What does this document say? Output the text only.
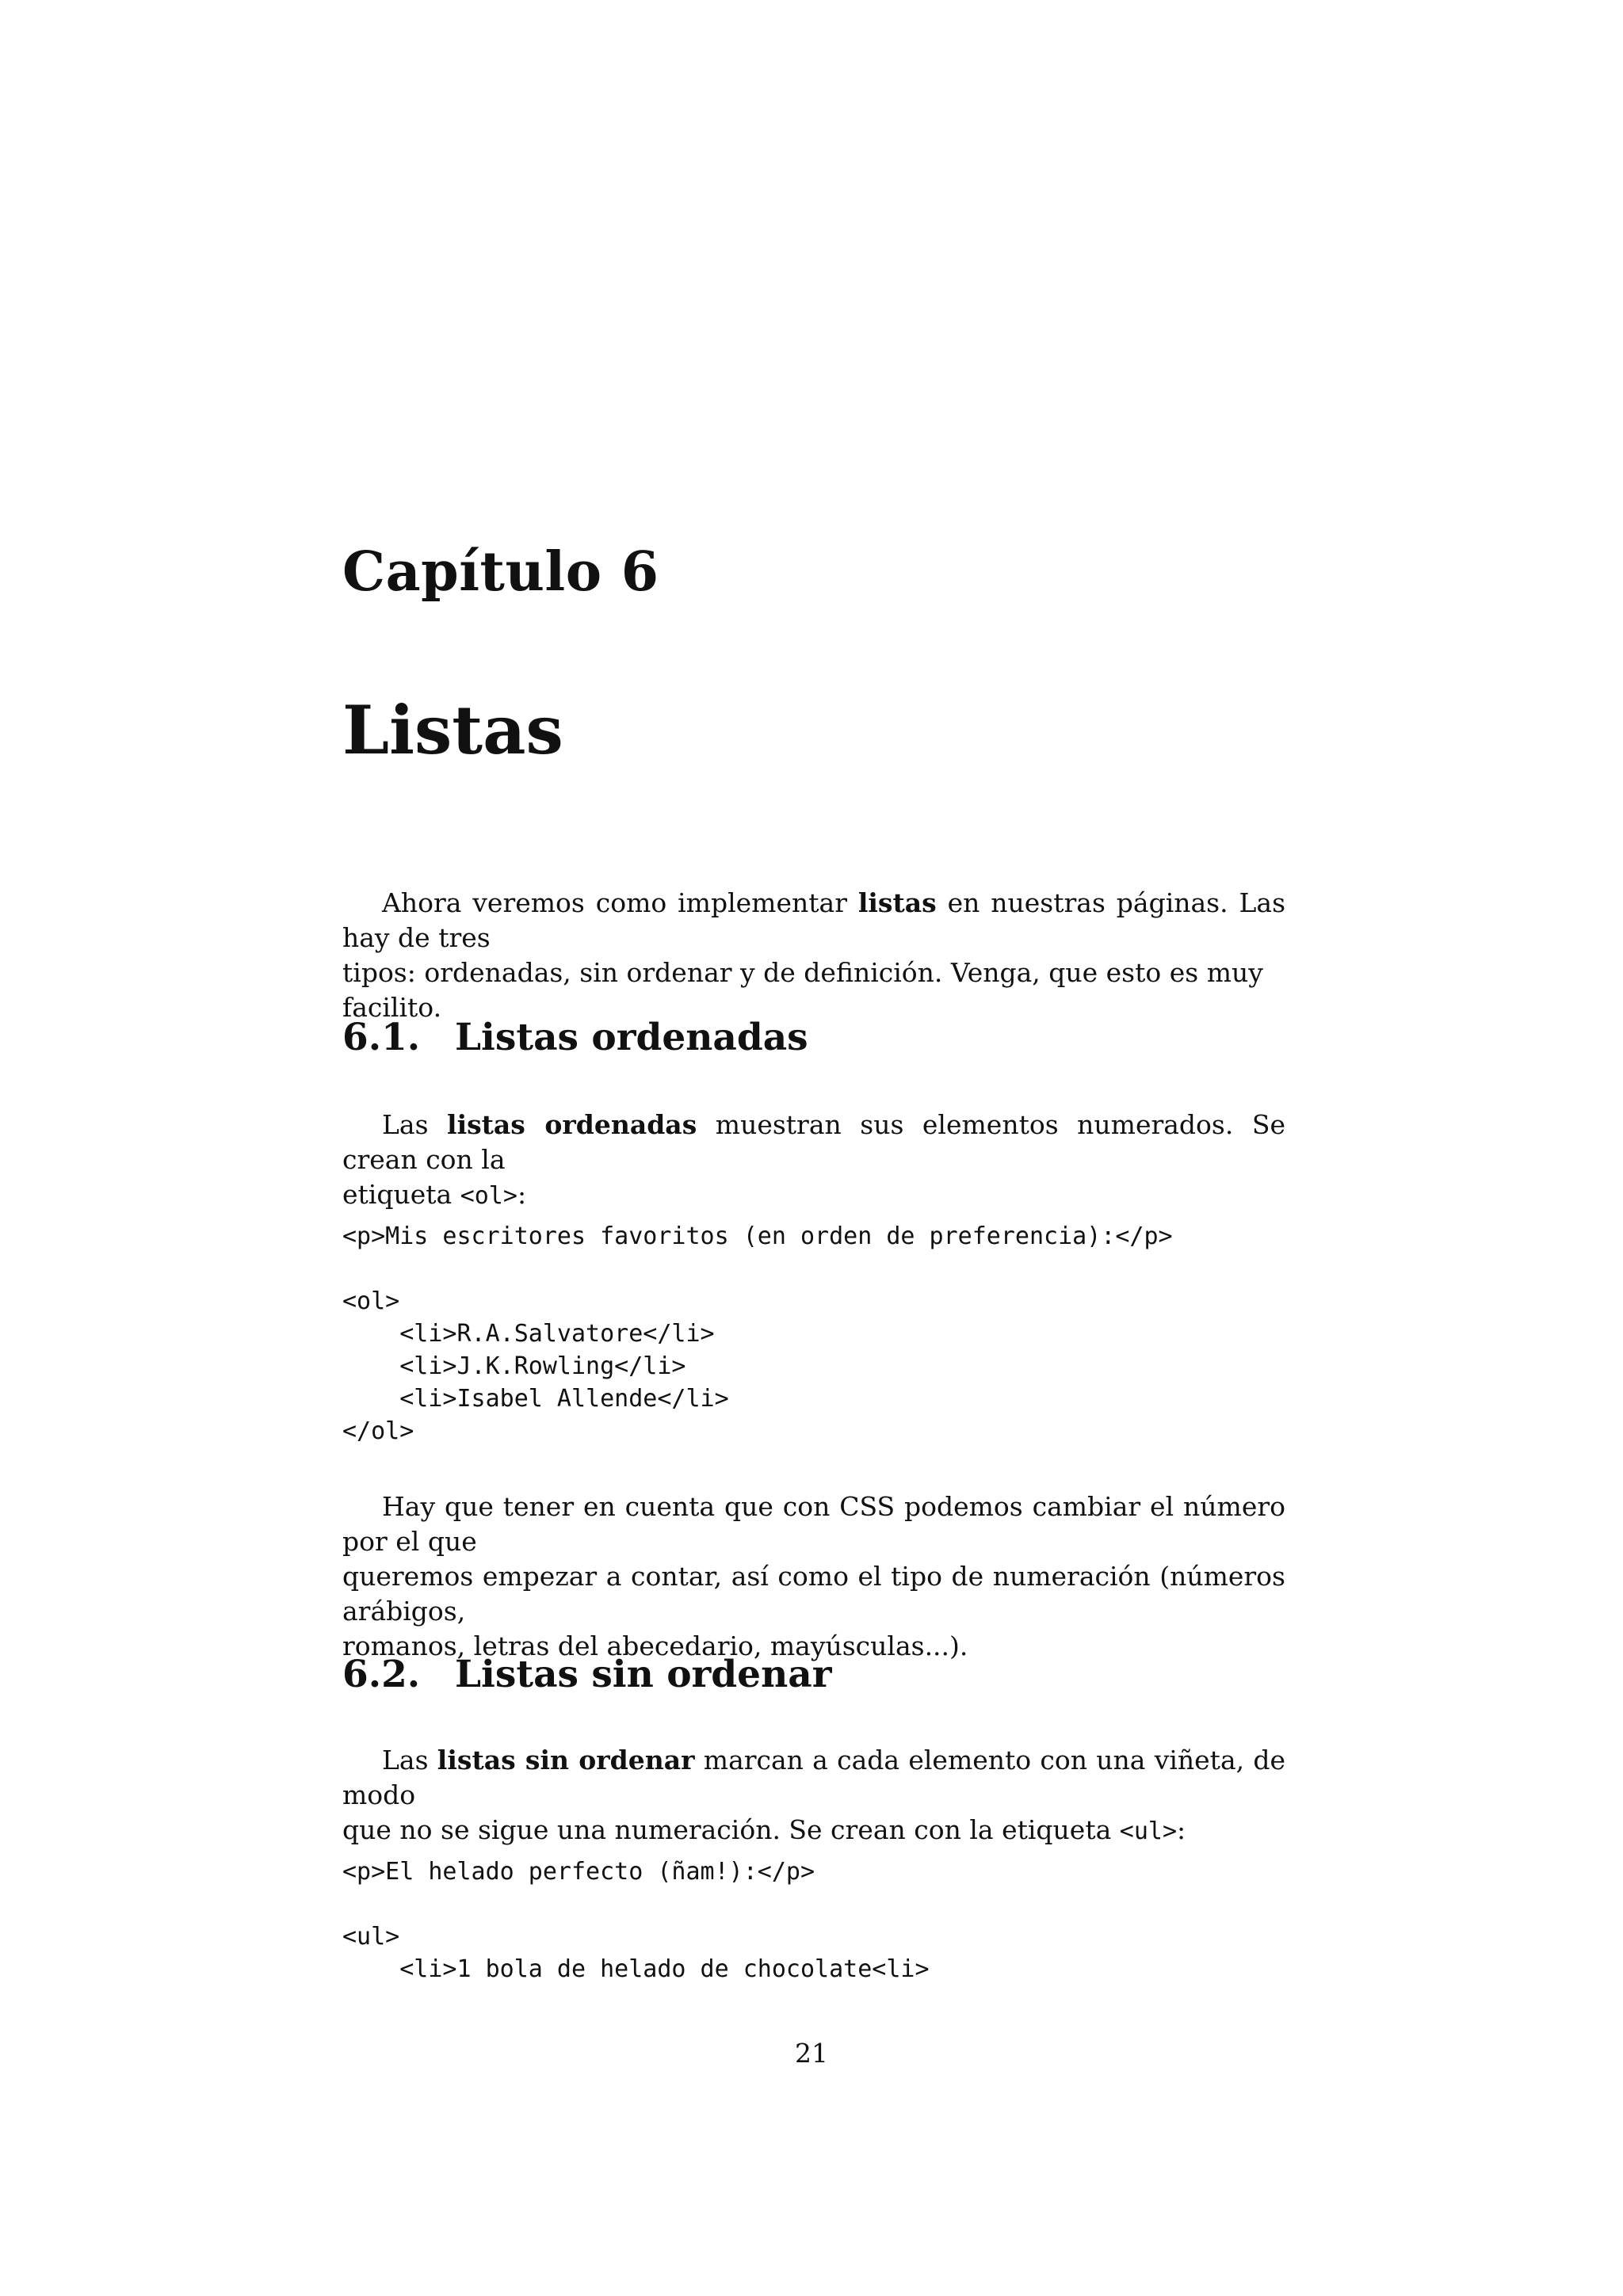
Capítulo 6
Listas
Ahora veremos como implementar listas en nuestras páginas. Las hay de tres
tipos: ordenadas, sin ordenar y de definición. Venga, que esto es muy facilito.
6.1. Listas ordenadas
Las listas ordenadas muestran sus elementos numerados. Se crean con la
etiqueta <ol>:
<p>Mis escritores favoritos (en orden de preferencia):</p>
<ol>
<li>R.A.Salvatore</li>
<li>J.K.Rowling</li>
<li>Isabel Allende</li>
</ol>
Hay que tener en cuenta que con CSS podemos cambiar el número por el que
queremos empezar a contar, así como el tipo de numeración (números arábigos,
romanos, letras del abecedario, mayúsculas...).
6.2. Listas sin ordenar
Las listas sin ordenar marcan a cada elemento con una viñeta, de modo
que no se sigue una numeración. Se crean con la etiqueta <ul>:
<p>El helado perfecto (ñam!):</p>
<ul>
<li>1 bola de helado de chocolate<li>
21
